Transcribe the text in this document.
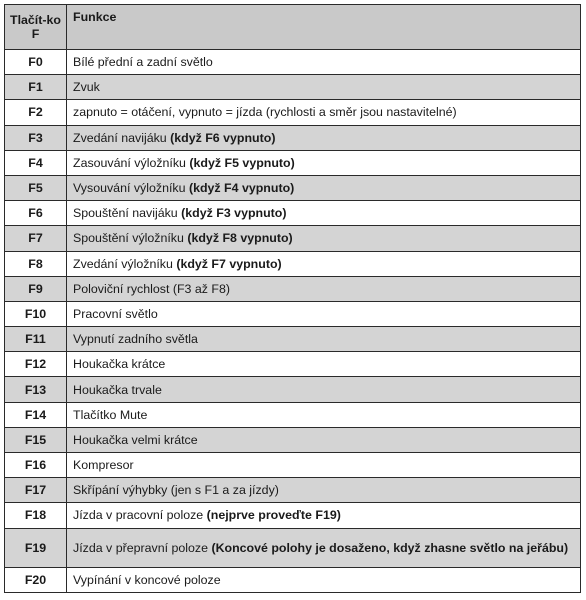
Tlačít-ko F	Funkce
F0	Bílé přední a zadní světlo
F1	Zvuk
F2	zapnuto = otáčení, vypnuto = jízda (rychlosti a směr jsou nastavitelné)
F3	Zvedání navijáku (když F6 vypnuto)
F4	Zasouvání výložníku (když F5 vypnuto)
F5	Vysouvání výložníku (když F4 vypnuto)
F6	Spouštění navijáku (když F3 vypnuto)
F7	Spouštění výložníku (když F8 vypnuto)
F8	Zvedání výložníku (když F7 vypnuto)
F9	Poloviční rychlost (F3 až F8)
F10	Pracovní světlo
F11	Vypnutí zadního světla
F12	Houkačka krátce
F13	Houkačka trvale
F14	Tlačítko Mute
F15	Houkačka velmi krátce
F16	Kompresor
F17	Skřípání výhybky (jen s F1 a za jízdy)
F18	Jízda v pracovní poloze (nejprve proveďte F19)
F19	Jízda v přepravní poloze (Koncové polohy je dosaženo, když zhasne světlo na jeřábu)
F20	Vypínání v koncové poloze
